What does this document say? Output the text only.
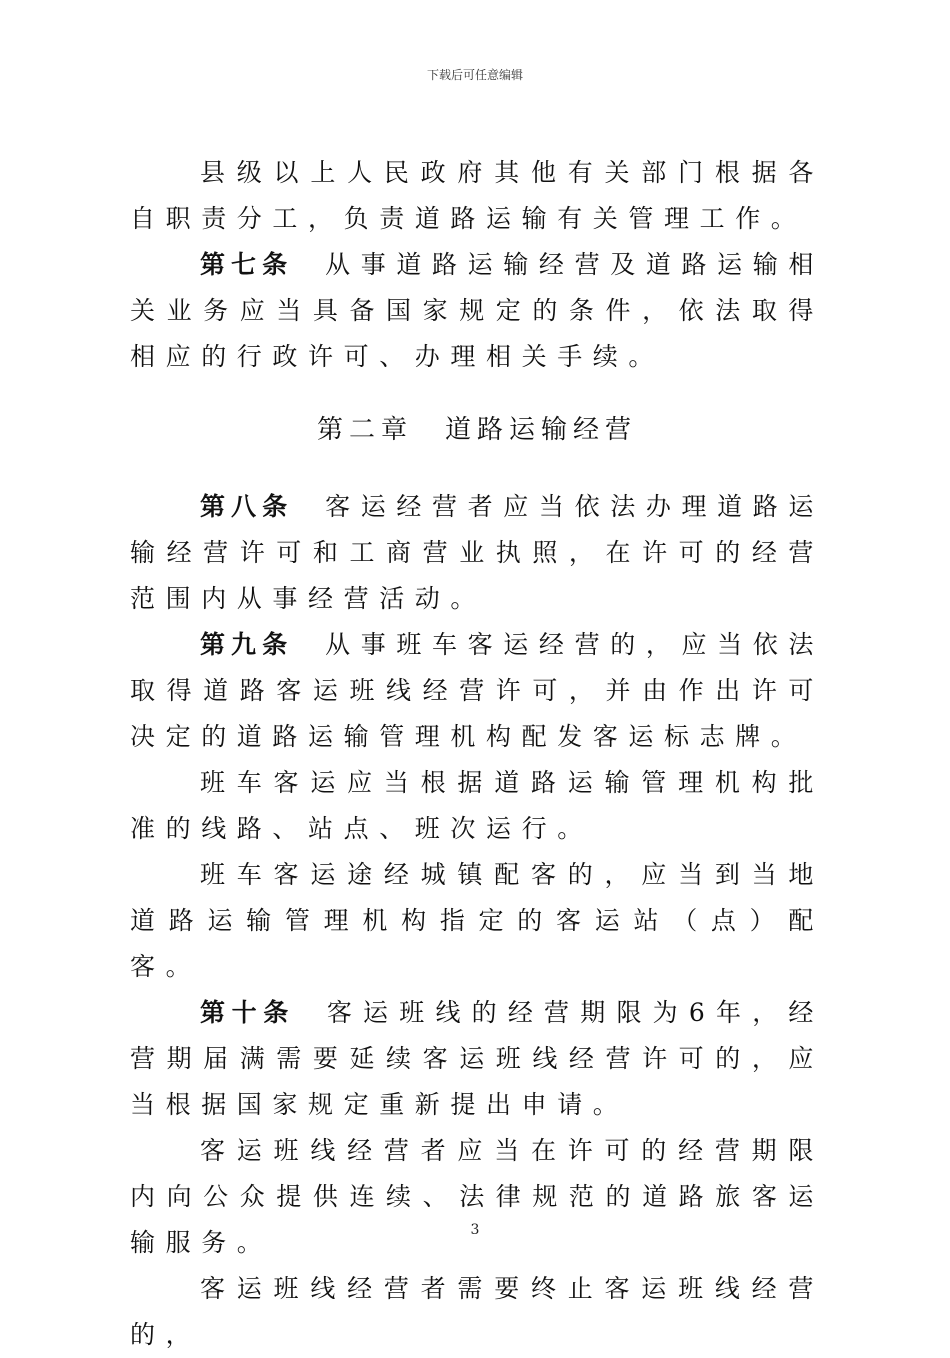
下载后可任意编辑

县级以上人民政府其他有关部门根据各自职责分工，负责道路运输有关管理工作。

第七条 从事道路运输经营及道路运输相关业务应当具备国家规定的条件，依法取得相应的行政许可、办理相关手续。

第二章 道路运输经营

第八条 客运经营者应当依法办理道路运输经营许可和工商营业执照，在许可的经营范围内从事经营活动。

第九条 从事班车客运经营的，应当依法取得道路客运班线经营许可，并由作出许可决定的道路运输管理机构配发客运标志牌。

班车客运应当根据道路运输管理机构批准的线路、站点、班次运行。

班车客运途经城镇配客的，应当到当地道路运输管理机构指定的客运站（点）配客。

第十条 客运班线的经营期限为6年，经营期届满需要延续客运班线经营许可的，应当根据国家规定重新提出申请。

客运班线经营者应当在许可的经营期限内向公众提供连续、法律规范的道路旅客运输服务。

客运班线经营者需要终止客运班线经营的，

3
